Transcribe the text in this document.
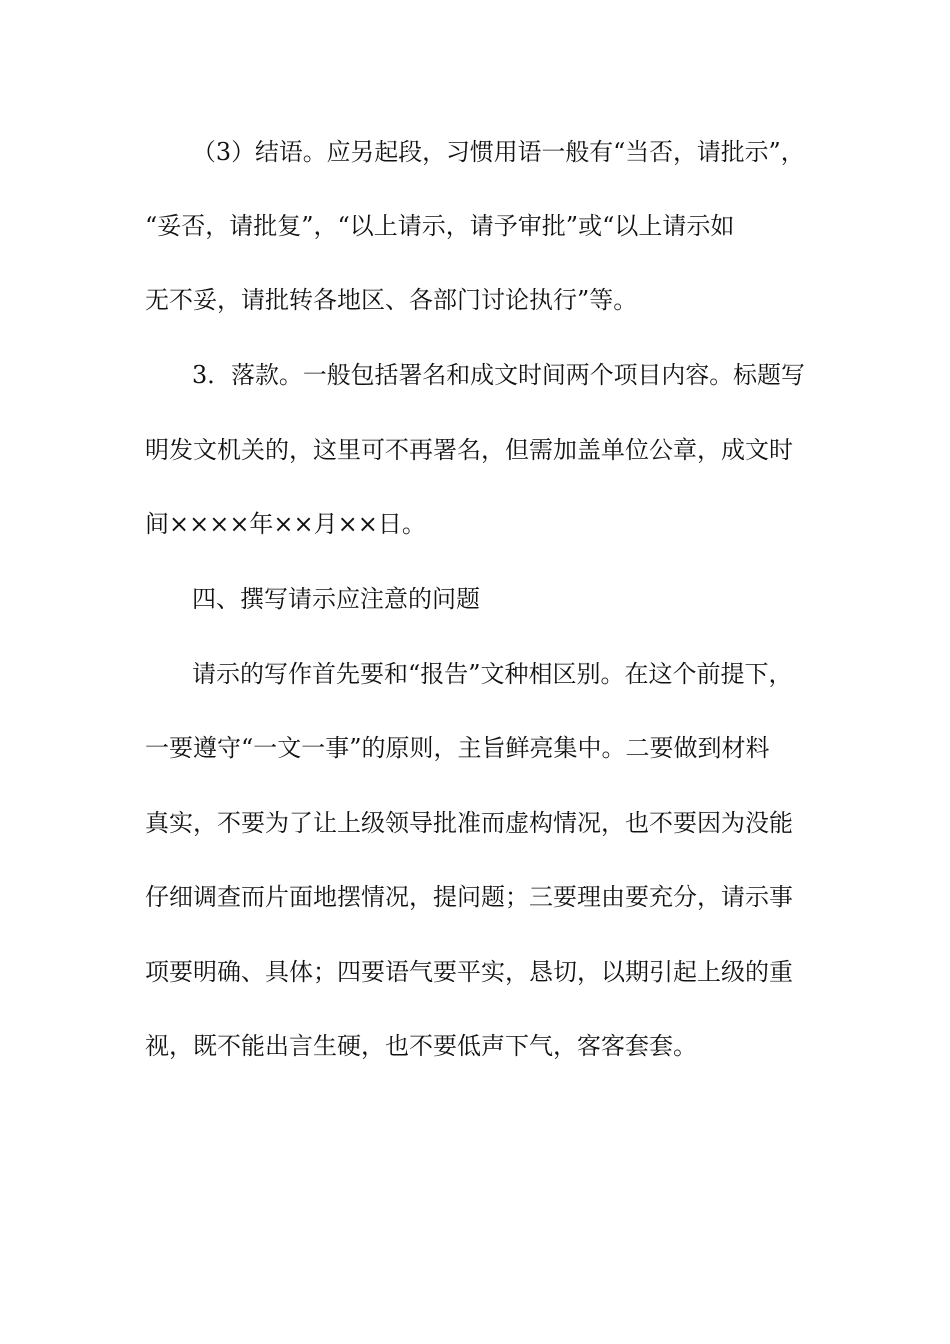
（3）结语。应另起段，习惯用语一般有“当否，请批示”，
“妥否，请批复”，“以上请示，请予审批”或“以上请示如
无不妥，请批转各地区、各部门讨论执行”等。
3．落款。一般包括署名和成文时间两个项目内容。标题写
明发文机关的，这里可不再署名，但需加盖单位公章，成文时
间××××年××月××日。
四、撰写请示应注意的问题
请示的写作首先要和“报告”文种相区别。在这个前提下，
一要遵守“一文一事”的原则，主旨鲜亮集中。二要做到材料
真实，不要为了让上级领导批准而虚构情况，也不要因为没能
仔细调查而片面地摆情况，提问题；三要理由要充分，请示事
项要明确、具体；四要语气要平实，恳切，以期引起上级的重
视，既不能出言生硬，也不要低声下气，客客套套。
